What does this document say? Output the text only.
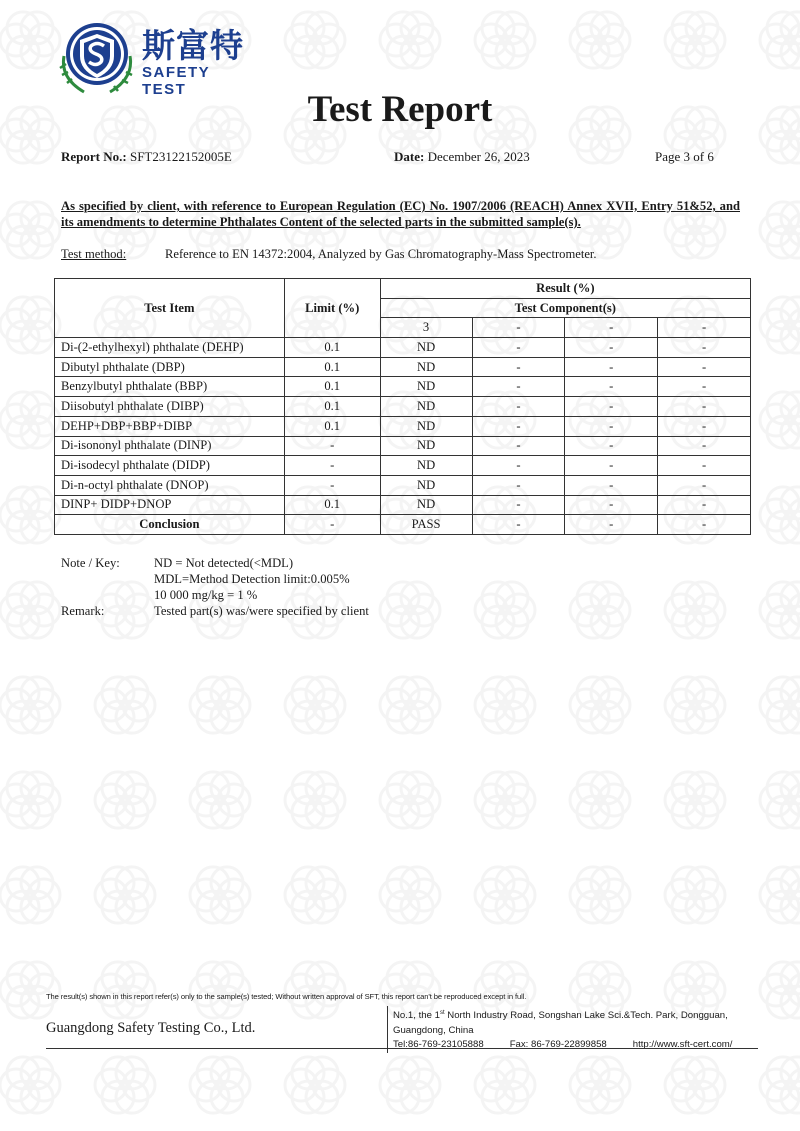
斯富特
SAFETY TEST	Test Report
Report No.: SFT23122152005E	Date: December 26, 2023	Page 3 of 6
As specified by client, with reference to European Regulation (EC) No. 1907/2006 (REACH) Annex XVII, Entry 51&52, and its amendments to determine Phthalates Content of the selected parts in the submitted sample(s).
Test method:	Reference to EN 14372:2004, Analyzed by Gas Chromatography-Mass Spectrometer.
Test Item	Limit (%)	Result (%)			
		Test Component(s)			
		3	-	-	-
Di-(2-ethylhexyl) phthalate (DEHP)	0.1	ND	-	-	-
Dibutyl phthalate (DBP)	0.1	ND	-	-	-
Benzylbutyl phthalate (BBP)	0.1	ND	-	-	-
Diisobutyl phthalate (DIBP)	0.1	ND	-	-	-
DEHP+DBP+BBP+DIBP	0.1	ND	-	-	-
Di-isononyl phthalate (DINP)	-	ND	-	-	-
Di-isodecyl phthalate (DIDP)	-	ND	-	-	-
Di-n-octyl phthalate (DNOP)	-	ND	-	-	-
DINP+ DIDP+DNOP	0.1	ND	-	-	-
Conclusion	-	PASS	-	-	-
Note / Key:	ND = Not detected(<MDL)
MDL=Method Detection limit:0.005%
10 000 mg/kg = 1 %
Remark:	Tested part(s) was/were specified by client
The result(s) shown in this report refer(s) only to the sample(s) tested; Without written approval of SFT, this report can't be reproduced except in full.
Guangdong Safety Testing Co., Ltd.
No.1, the 1st North Industry Road, Songshan Lake Sci.&Tech. Park, Dongguan,
Guangdong, China
Tel:86-769-23105888	Fax: 86-769-22899858	http://www.sft-cert.com/
